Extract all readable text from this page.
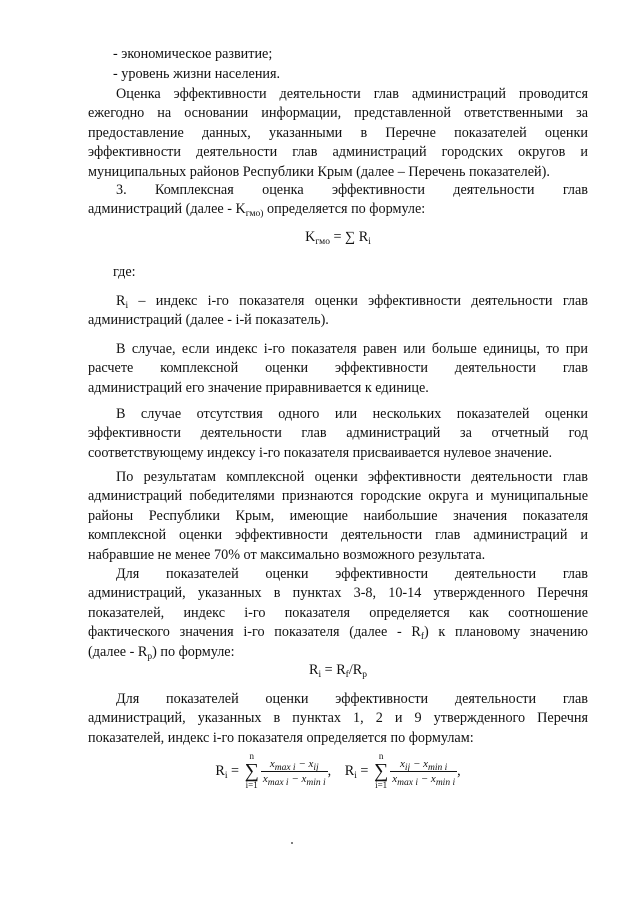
- экономическое развитие;

- уровень жизни населения.

Оценка эффективности деятельности глав администраций проводится
ежегодно на основании информации, представленной ответственными за
предоставление данных, указанными в Перечне показателей оценки
эффективности деятельности глав администраций городских округов и
муниципальных районов Республики Крым (далее – Перечень показателей).

3. Комплексная оценка эффективности деятельности глав
администраций (далее - $K_{гмо)}$ определяется по формуле:

$K_{гмо}$ = ∑ $R_i$

где:

$R_i$ – индекс i-го показателя оценки эффективности деятельности глав
администраций (далее - i-й показатель).

В случае, если индекс i-го показателя равен или больше единицы, то при
расчете комплексной оценки эффективности деятельности глав
администраций его значение приравнивается к единице.

В случае отсутствия одного или нескольких показателей оценки
эффективности деятельности глав администраций за отчетный год
соответствующему индексу i-го показателя присваивается нулевое значение.

По результатам комплексной оценки эффективности деятельности глав
администраций победителями признаются городские округа и муниципальные
районы Республики Крым, имеющие наибольшие значения показателя
комплексной оценки эффективности деятельности глав администраций и
набравшие не менее 70% от максимально возможного результата.

Для показателей оценки эффективности деятельности глав
администраций, указанных в пунктах 3-8, 10-14 утвержденного Перечня
показателей, индекс i-го показателя определяется как соотношение
фактического значения i-го показателя (далее - $R_f$) к плановому значению
(далее - $R_p$) по формуле:

$R_i = R_f/R_p$

Для показателей оценки эффективности деятельности глав
администраций, указанных в пунктах 1, 2 и 9 утвержденного Перечня
показателей, индекс i-го показателя определяется по формулам:

$R_i = n$
∑
$i=1 \frac{x_{max i} - x_{ij}}{x_{max i} - x_{min i}}$ , $R_i = n$
∑
$i=1 \frac{x_{ij} - x_{min i}}{x_{max i} - x_{min i}}$ ,
